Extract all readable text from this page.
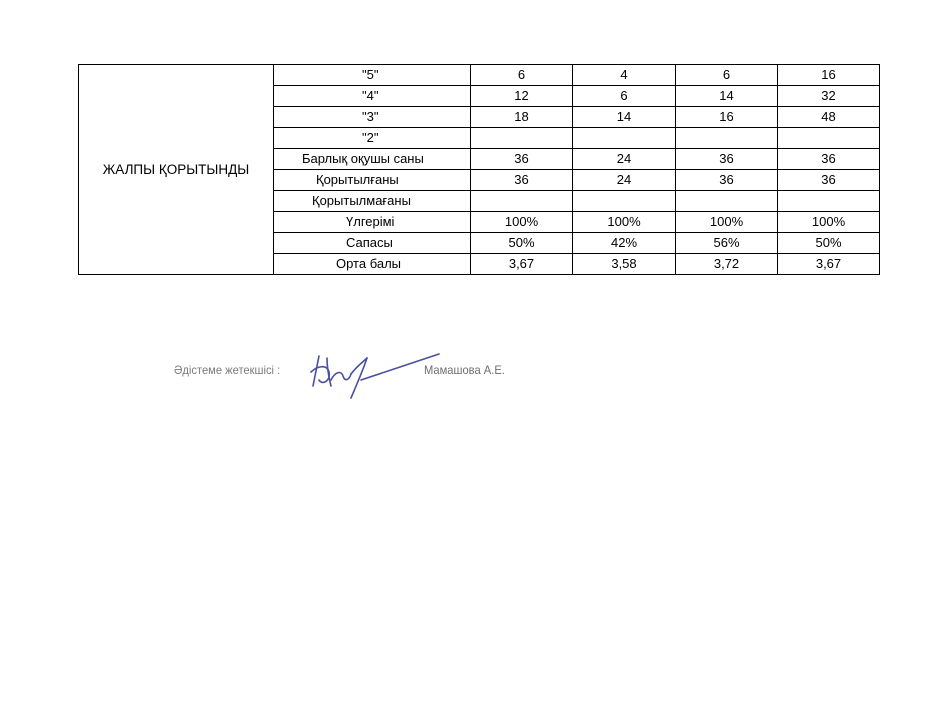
ЖАЛПЫ ҚОРЫТЫНДЫ	"5"	6	4	6	16
	"4"	12	6	14	32
	"3"	18	14	16	48
	"2"				
	Барлық оқушы саны	36	24	36	36
	Қорытылғаны	36	24	36	36
	Қорытылмағаны				
	Үлгерімі	100%	100%	100%	100%
	Сапасы	50%	42%	56%	50%
	Орта балы	3,67	3,58	3,72	3,67
Әдістеме жетекшісі :	Мамашова А.Е.
